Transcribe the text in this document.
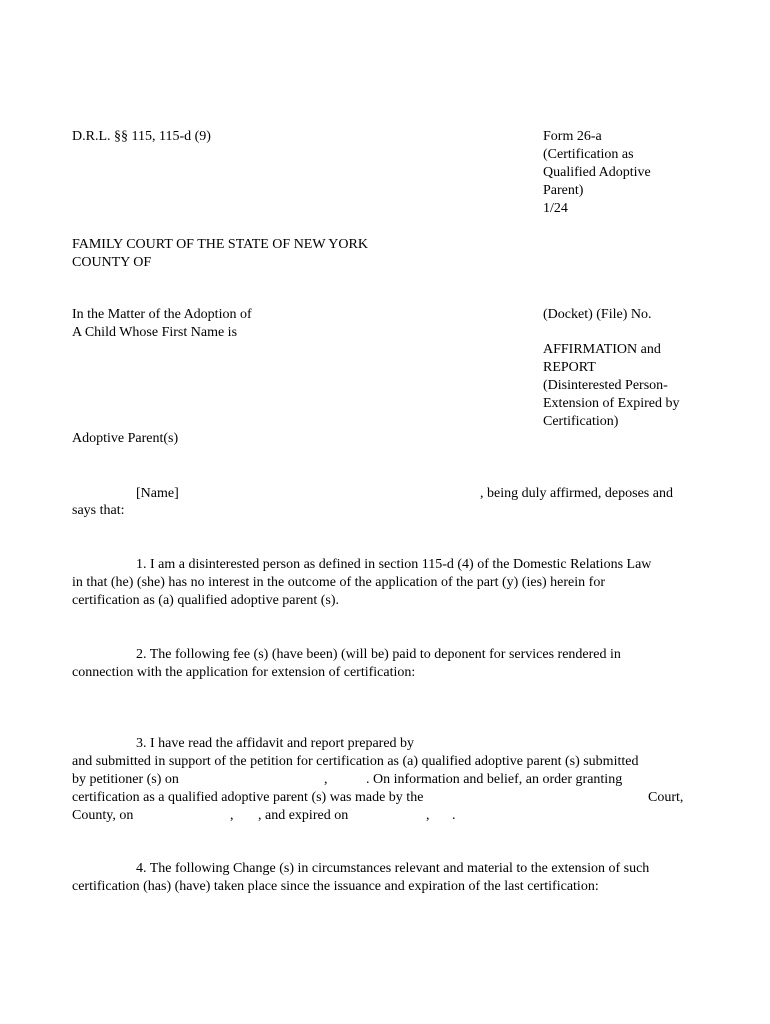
D.R.L. §§ 115, 115-d (9)	Form 26-a
(Certification as
Qualified Adoptive
Parent)
1/24
FAMILY COURT OF THE STATE OF NEW YORK
COUNTY OF
In the Matter of the Adoption of
A Child Whose First Name is
(Docket) (File) No.
AFFIRMATION and
REPORT
(Disinterested Person-
Extension of Expired by
Certification)
Adoptive Parent(s)
[Name]	, being duly affirmed, deposes and
says that:
1. I am a disinterested person as defined in section 115-d (4) of the Domestic Relations Law
in that (he) (she) has no interest in the outcome of the application of the part (y) (ies) herein for
certification as (a) qualified adoptive parent (s).
2. The following fee (s) (have been) (will be) paid to deponent for services rendered in
connection with the application for extension of certification:
3. I have read the affidavit and report prepared by
and submitted in support of the petition for certification as (a) qualified adoptive parent (s) submitted
by petitioner (s) on	,	. On information and belief, an order granting
certification as a qualified adoptive parent (s) was made by the	Court,
County, on	, , and expired on	, .
4. The following Change (s) in circumstances relevant and material to the extension of such
certification (has) (have) taken place since the issuance and expiration of the last certification:
